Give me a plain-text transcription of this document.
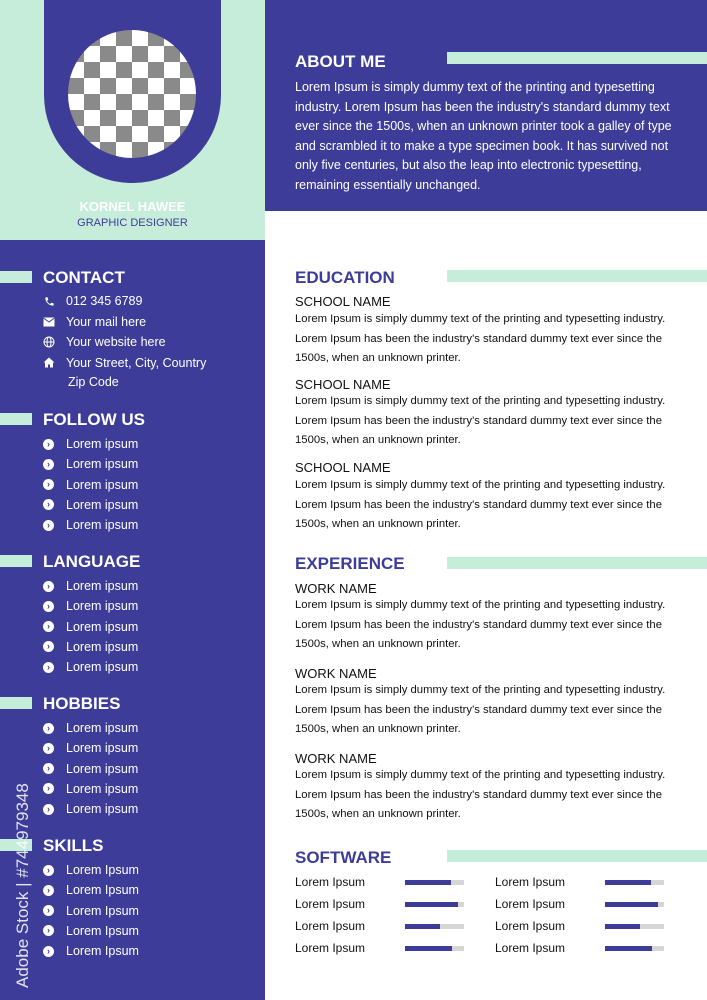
KORNEL HAWEE
GRAPHIC DESIGNER
ABOUT ME
Lorem Ipsum is simply dummy text of the printing and typesetting industry. Lorem Ipsum has been the industry's standard dummy text ever since the 1500s, when an unknown printer took a galley of type and scrambled it to make a type specimen book. It has survived not only five centuries, but also the leap into electronic typesetting, remaining essentially unchanged.
CONTACT
012 345 6789
Your mail here
Your website here
Your Street, City, Country
Zip Code
FOLLOW US
›	Lorem ipsum
›	Lorem ipsum
›	Lorem ipsum
›	Lorem ipsum
›	Lorem ipsum
LANGUAGE
›	Lorem ipsum
›	Lorem ipsum
›	Lorem ipsum
›	Lorem ipsum
›	Lorem ipsum
HOBBIES
›	Lorem ipsum
›	Lorem ipsum
›	Lorem ipsum
›	Lorem ipsum
›	Lorem ipsum
SKILLS
›	Lorem Ipsum
›	Lorem Ipsum
›	Lorem Ipsum
›	Lorem Ipsum
›	Lorem Ipsum
Adobe Stock | #744979348
EDUCATION
SCHOOL NAME
Lorem Ipsum is simply dummy text of the printing and typesetting industry. Lorem Ipsum has been the industry's standard dummy text ever since the 1500s, when an unknown printer.
SCHOOL NAME
Lorem Ipsum is simply dummy text of the printing and typesetting industry. Lorem Ipsum has been the industry's standard dummy text ever since the 1500s, when an unknown printer.
SCHOOL NAME
Lorem Ipsum is simply dummy text of the printing and typesetting industry. Lorem Ipsum has been the industry's standard dummy text ever since the 1500s, when an unknown printer.
EXPERIENCE
WORK NAME
Lorem Ipsum is simply dummy text of the printing and typesetting industry. Lorem Ipsum has been the industry's standard dummy text ever since the 1500s, when an unknown printer.
WORK NAME
Lorem Ipsum is simply dummy text of the printing and typesetting industry. Lorem Ipsum has been the industry's standard dummy text ever since the 1500s, when an unknown printer.
WORK NAME
Lorem Ipsum is simply dummy text of the printing and typesetting industry. Lorem Ipsum has been the industry's standard dummy text ever since the 1500s, when an unknown printer.
SOFTWARE
Lorem Ipsum
Lorem Ipsum
Lorem Ipsum
Lorem Ipsum
Lorem Ipsum
Lorem Ipsum
Lorem Ipsum
Lorem Ipsum
